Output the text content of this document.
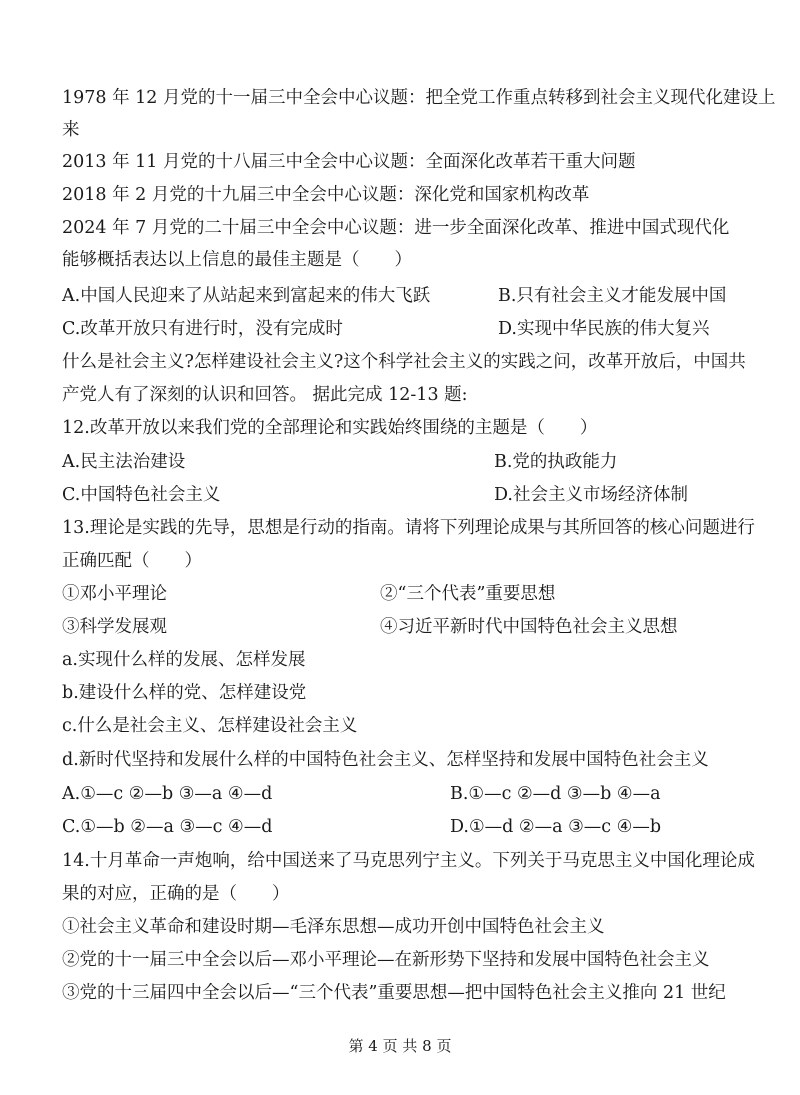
1978 年 12 月党的十一届三中全会中心议题：把全党工作重点转移到社会主义现代化建设上
来
2013 年 11 月党的十八届三中全会中心议题：全面深化改革若干重大问题
2018 年 2 月党的十九届三中全会中心议题：深化党和国家机构改革
2024 年 7 月党的二十届三中全会中心议题：进一步全面深化改革、推进中国式现代化
能够概括表达以上信息的最佳主题是（　　）
A.中国人民迎来了从站起来到富起来的伟大飞跃	B.只有社会主义才能发展中国
C.改革开放只有进行时，没有完成时	D.实现中华民族的伟大复兴
什么是社会主义?怎样建设社会主义?这个科学社会主义的实践之问，改革开放后，中国共
产党人有了深刻的认识和回答。 据此完成 12-13 题:
12.改革开放以来我们党的全部理论和实践始终围绕的主题是（　　）
A.民主法治建设	B.党的执政能力
C.中国特色社会主义	D.社会主义市场经济体制
13.理论是实践的先导，思想是行动的指南。请将下列理论成果与其所回答的核心问题进行
正确匹配（　　）
①邓小平理论	②“三个代表”重要思想
③科学发展观	④习近平新时代中国特色社会主义思想
a.实现什么样的发展、怎样发展
b.建设什么样的党、怎样建设党
c.什么是社会主义、怎样建设社会主义
d.新时代坚持和发展什么样的中国特色社会主义、怎样坚持和发展中国特色社会主义
A.①—c ②—b ③—a ④—d	B.①—c ②—d ③—b ④—a
C.①—b ②—a ③—c ④—d	D.①—d ②—a ③—c ④—b
14.十月革命一声炮响，给中国送来了马克思列宁主义。下列关于马克思主义中国化理论成
果的对应，正确的是（　　）
①社会主义革命和建设时期—毛泽东思想—成功开创中国特色社会主义
②党的十一届三中全会以后—邓小平理论—在新形势下坚持和发展中国特色社会主义
③党的十三届四中全会以后—“三个代表”重要思想—把中国特色社会主义推向 21 世纪
第 4 页 共 8 页
